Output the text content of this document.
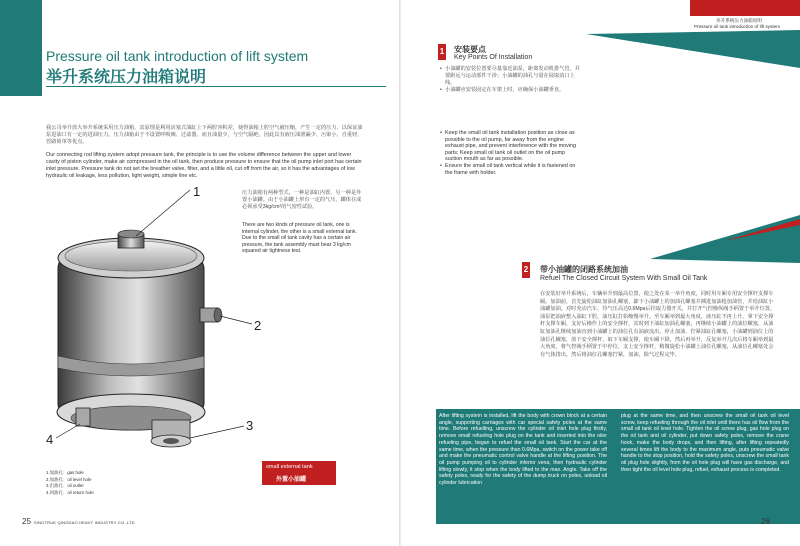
Pressure oil tank introduction of lift system
举升系统压力油箱说明
我公司举升放大举升系统采用压力油箱，其原理是利用活塞式油缸上下两腔容积差，使得油箱上腔空气被压缩，产生一定的压力，以保证油泵进油口有一定的进油压力。压力油箱由于不设置呼吸阀、过滤器，而且油量少，与空气隔绝，因此具有液压油泄漏少、污染小、自重轻，管路简单等优点。
Our connecting rod lifting system adopt pressure tank, the principle is to use the volume difference between the upper and lower cavity of piston cylinder, make air compressed in the oil tank, then produce pressure to ensure that the oil pump inlet port has certain inlet pressure. Pressure tank do not set the breather valve, filter, and a little oil, cut off from the air, so it has the advantages of low hydraulic oil leakage, less pollution, light weight, simple line etc.
压力油箱有两种型式，一种是油缸内置，另一种是外置小油罐。由于小油罐上形有一定的气压，罐体在成必须承受3kg/cm²的气密性试验。
There are two kinds of pressure oil tank, one is internal cylinder, the other is a small external tank. Due to the small oil tank cavity has a certain air pressure, the tank assembly must bear 3 kg/cm squared air tightness test.
1
2
3
4
small external tank
外置小油罐
1.加油孔：gas hole
2.加油孔：oil level hole
3.出油孔：oil outlet
4.回油孔：oil return hole
25 SINOTRUK QINGDAO HEAVY INDUSTRY CO.,LTD
举升系统压力油箱说明
Pressure oil tank introduction of lift system
1 安装要点
Key Points Of Installation
• 小油罐的安装位置要尽量靠近油泵，距离发动机排气管、并要距远与运动部件干涉；小油罐的油孔与量在展取消口上线。
• 小油罐应安装固定在车架上时，应确保小油罐垂直。
• Keep the small oil tank installation position as close as possible to the oil pump, far away from the engine exhaust pipe, and prevent interference with the moving parts; Keep small oil tank oil outlet on the oil pump suction mouth as far as possible.
• Ensure the small oil tank vertical while it is fastened on the frame with holder.
2 带小油罐的闭路系统加油
Refuel The Closed Circuit System With Small Oil Tank
在安装好举升系统后，车辆举升到最高位置，使之处在某一举升角度，同时用车厢专用安全撑杆支撑车厢。加油前，首先旋松油缸加油孔螺塞，卸下小油罐上的加油孔螺塞并插进加油枪加油管，并给油缸小油罐加油。对时充动汽车，待气压高达0.6Mpa后挂取力器开关，并打开气控操纵阀手柄置于举升位置。油泵把油液整入油缸下腔，油压缸打始缩慢举升。至车厢举到最大角度，液压缸不再上升。拿下安全撑杆支撑车厢，支好后操作上的安全撑杆，其时到下油缸加油孔螺塞，再继续小油罐上的油位螺塞，从油缸加油孔继续加油直到小油罐上的油位孔有油液流出。停止加油、拧紧油缸孔螺塞，小油罐到油位上的油位孔螺塞，放下安全撑杆，取下车厢支撑，使车厢下降，然后再举升，反复举升几次后将车厢举到最大角度，将气控阀手柄置于中停位，支上安全撑杆，稍微旋松小油罐上油位孔螺塞，从油位孔螺塞处会有气体排出，然后将油位孔螺塞拧紧，加油，除气过程完毕。
After lifting system is installed, lift the body with crown block at a certain angle, supporting carriages with car special safety poles at the same time. Before refuelling, unscrew the cylinder oil inlet hole plug firstly, remove small refueling hole plug on the tank and inserted into the oiler refueling pipe, began to refuel the small oil tank. Start the car at the same time, when the pressure than 0.6Mpa, switch on the power take off and make the pneumatic control valve handle at the lifting position. The oil pump pumping oil to cylinder inferior vena, then hydraulic cylinder lifting slowly, it stop when the body lifted to the max. Angle. Take off the safety poles, ready for the safety of the dump truck on poles, unload oil cylinder lubrication
plug at the same time, and then unscrew the small oil tank oil level screw, keep refueling through the oil inlet until there has oil flow from the small oil tank oil level hole. Tighten the oil screw plug, gas hole plug on the oil tank and oil cylinder, put down safety poles, remove the crane hook, make the body drops, and then lifting, after lifting repeatedly several times lift the body to the maximum angle, puts pneumatic valve handle to the stop position, hold the safety poles, unscrew the small tank oil plug hole slightly, from the oil hole plug will have gas discharge, and then tight the oil level hole plug, refuel, exhaust process is completed.
26
